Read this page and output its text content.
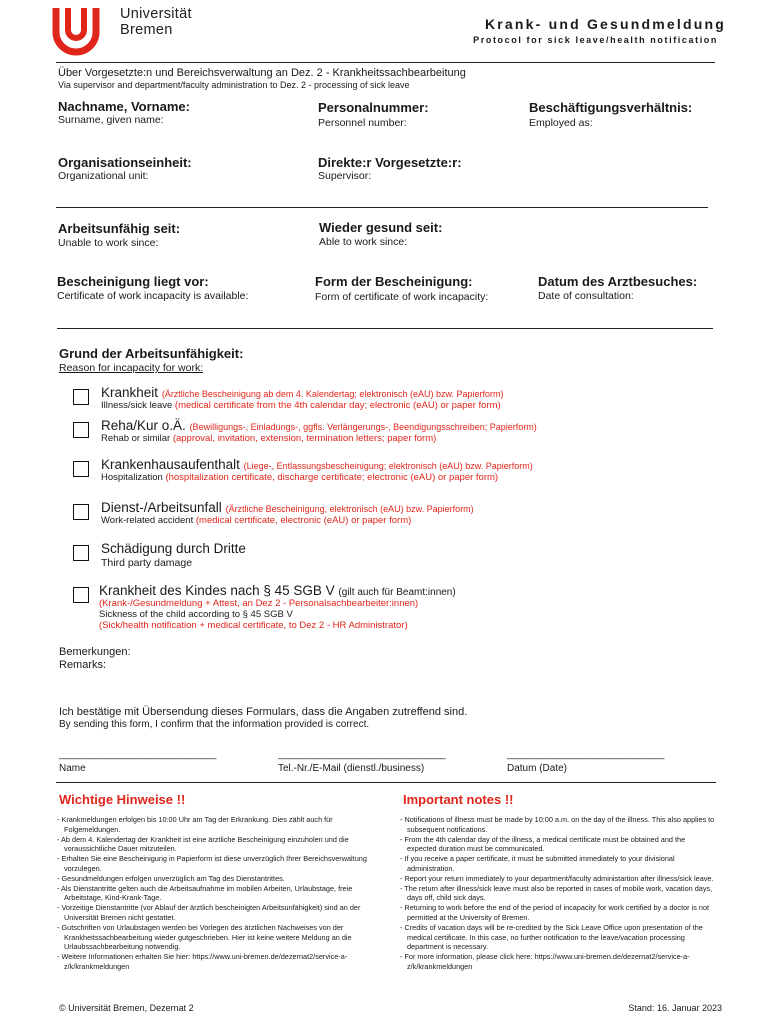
Universität
Bremen	Krank- und Gesundmeldung
Protocol for sick leave/health notification
Über Vorgesetzte:n und Bereichsverwaltung an Dez. 2 - Krankheitssachbearbeitung
Via supervisor and department/faculty administration to Dez. 2 - processing of sick leave
Nachname, Vorname:
Surname, given name:
Personalnummer:
Personnel number:
Beschäftigungsverhältnis:
Employed as:
Organisationseinheit:
Organizational unit:
Direkte:r Vorgesetzte:r:
Supervisor:
Arbeitsunfähig seit:
Unable to work since:
Wieder gesund seit:
Able to work since:
Bescheinigung liegt vor:
Certificate of work incapacity is available:
Form der Bescheinigung:
Form of certificate of work incapacity:
Datum des Arztbesuches:
Date of consultation:
Grund der Arbeitsunfähigkeit:
Reason for incapacity for work:
Krankheit (Ärztliche Bescheinigung ab dem 4. Kalendertag; elektronisch (eAU) bzw. Papierform)
Illness/sick leave (medical certificate from the 4th calendar day; electronic (eAU) or paper form)
Reha/Kur o.Ä. (Bewilligungs-, Einladungs-, ggfls. Verlängerungs-, Beendigungsschreiben; Papierform)
Rehab or similar (approval, invitation, extension, termination letters; paper form)
Krankenhausaufenthalt (Liege-, Entlassungsbescheinigung; elektronisch (eAU) bzw. Papierform)
Hospitalization (hospitalization certificate, discharge certificate; electronic (eAU) or paper form)
Dienst-/Arbeitsunfall (Ärztliche Bescheinigung, elektronisch (eAU) bzw. Papierform)
Work-related accident (medical certificate, electronic (eAU) or paper form)
Schädigung durch Dritte
Third party damage
Krankheit des Kindes nach § 45 SGB V (gilt auch für Beamt:innen)
(Krank-/Gesundmeldung + Attest, an Dez 2 - Personalsachbearbeiter:innen)
Sickness of the child according to § 45 SGB V
(Sick/health notification + medical certificate, to Dez 2 - HR Administrator)
Bemerkungen:
Remarks:
Ich bestätige mit Übersendung dieses Formulars, dass die Angaben zutreffend sind.
By sending this form, I confirm that the information provided is correct.
_______________________________
Name
_________________________________
Tel.-Nr./E-Mail (dienstl./business)
_______________________________
Datum (Date)
Wichtige Hinweise !!
- Krankmeldungen erfolgen bis 10:00 Uhr am Tag der Erkrankung. Dies zählt auch für Folgemeldungen.
- Ab dem 4. Kalendertag der Krankheit ist eine ärztliche Bescheinigung einzuholen und die voraussichtliche Dauer mitzuteilen.
- Erhalten Sie eine Bescheinigung in Papierform ist diese unverzüglich Ihrer Bereichsverwaltung vorzulegen.
- Gesundmeldungen erfolgen unverzüglich am Tag des Dienstantrittes.
- Als Dienstantritte gelten auch die Arbeitsaufnahme im mobilen Arbeiten, Urlaubstage, freie Arbeitstage, Kind-Krank-Tage.
- Vorzeitige Dienstantritte (vor Ablauf der ärztlich bescheinigten Arbeitsunfähigkeit) sind an der Universität Bremen nicht gestattet.
- Gutschriften von Urlaubstagen werden bei Vorlegen des ärztlichen Nachweises von der Krankheitssachbearbeitung wieder gutgeschrieben. Hier ist keine weitere Meldung an die Urlaubssachbearbeitung notwendig.
- Weitere Informationen erhalten Sie hier: https://www.uni-bremen.de/dezernat2/service-a-z/k/krankmeldungen
Important notes !!
- Notifications of illness must be made by 10:00 a.m. on the day of the illness. This also applies to subsequent notifications.
- From the 4th calendar day of the illness, a medical certificate must be obtained and the expected duration must be communicated.
- If you receive a paper certificate, it must be submitted immediately to your divisional administration.
- Report your return immediately to your department/faculty administartion after illness/sick leave.
- The return after illness/sick leave must also be reported in cases of mobile work, vacation days, days off, child sick days.
- Returning to work before the end of the period of incapacity for work certified by a doctor is not permitted at the University of Bremen.
- Credits of vacation days will be re-credited by the Sick Leave Office upon presentation of the medical certificate. In this case, no further notification to the leave/vacation processing department is necessary.
- For more information, please click here: https://www.uni-bremen.de/dezernat2/service-a-z/k/krankmeldungen
© Universität Bremen, Dezernat 2	Stand: 16. Januar 2023
